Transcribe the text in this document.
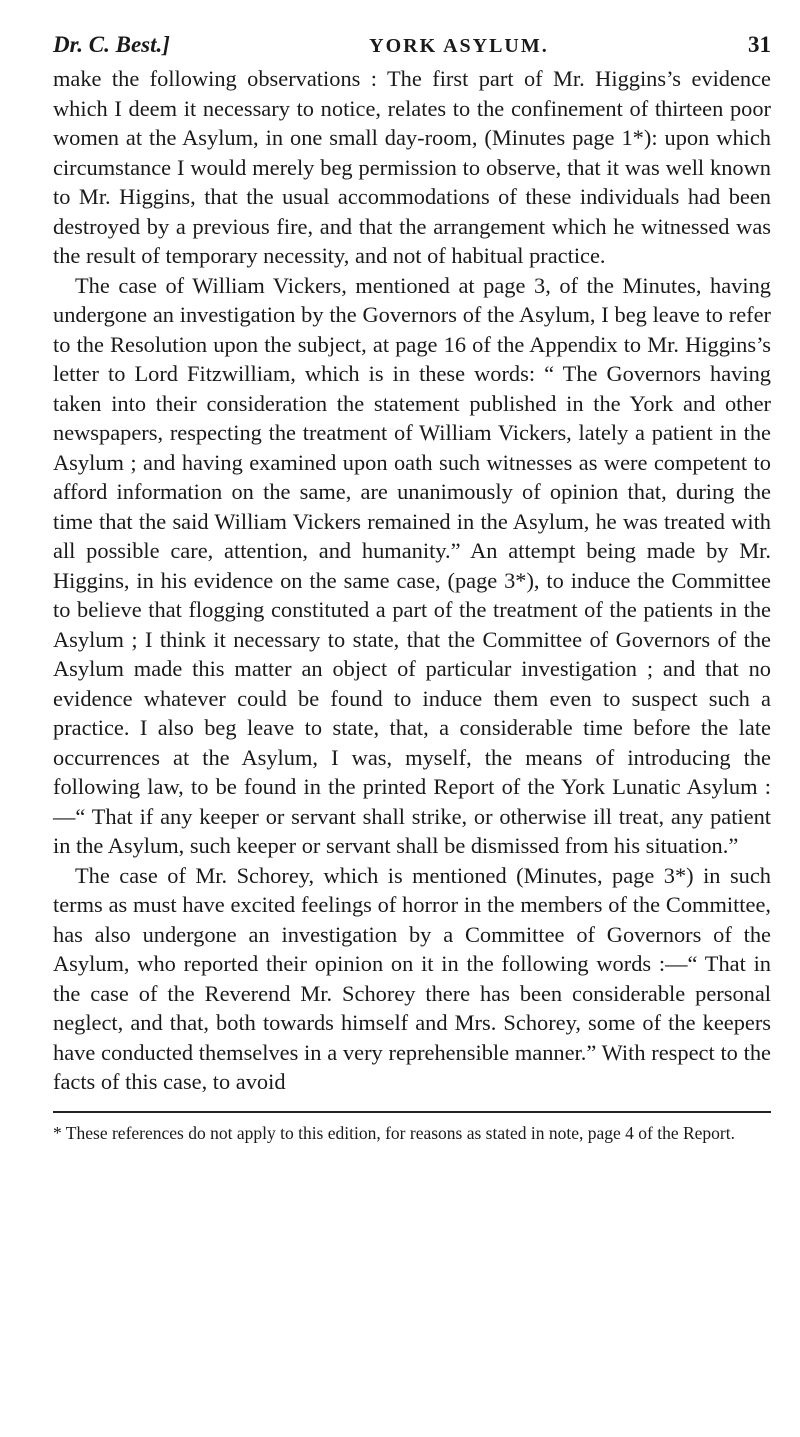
Dr. C. Best.]	YORK ASYLUM.	31

make the following observations : The first part of Mr. Higgins’s evidence which I deem it necessary to notice, relates to the confinement of thirteen poor women at the Asylum, in one small day-room, (Minutes page 1*): upon which circumstance I would merely beg permission to observe, that it was well known to Mr. Higgins, that the usual accommodations of these individuals had been destroyed by a previous fire, and that the arrangement which he witnessed was the result of temporary necessity, and not of habitual practice.

The case of William Vickers, mentioned at page 3, of the Minutes, having undergone an investigation by the Governors of the Asylum, I beg leave to refer to the Resolution upon the subject, at page 16 of the Appendix to Mr. Higgins’s letter to Lord Fitzwilliam, which is in these words: “ The Governors having taken into their consideration the statement published in the York and other newspapers, respecting the treatment of William Vickers, lately a patient in the Asylum ; and having examined upon oath such witnesses as were competent to afford information on the same, are unanimously of opinion that, during the time that the said William Vickers remained in the Asylum, he was treated with all possible care, attention, and humanity.” An attempt being made by Mr. Higgins, in his evidence on the same case, (page 3*), to induce the Committee to believe that flogging constituted a part of the treatment of the patients in the Asylum ; I think it necessary to state, that the Committee of Governors of the Asylum made this matter an object of particular investigation ; and that no evidence whatever could be found to induce them even to suspect such a practice. I also beg leave to state, that, a considerable time before the late occurrences at the Asylum, I was, myself, the means of introducing the following law, to be found in the printed Report of the York Lunatic Asylum :—“ That if any keeper or servant shall strike, or otherwise ill treat, any patient in the Asylum, such keeper or servant shall be dismissed from his situation.”

The case of Mr. Schorey, which is mentioned (Minutes, page 3*) in such terms as must have excited feelings of horror in the members of the Committee, has also undergone an investigation by a Committee of Governors of the Asylum, who reported their opinion on it in the following words :—“ That in the case of the Reverend Mr. Schorey there has been considerable personal neglect, and that, both towards himself and Mrs. Schorey, some of the keepers have conducted themselves in a very reprehensible manner.” With respect to the facts of this case, to avoid

* These references do not apply to this edition, for reasons as stated in note, page 4 of the Report.
